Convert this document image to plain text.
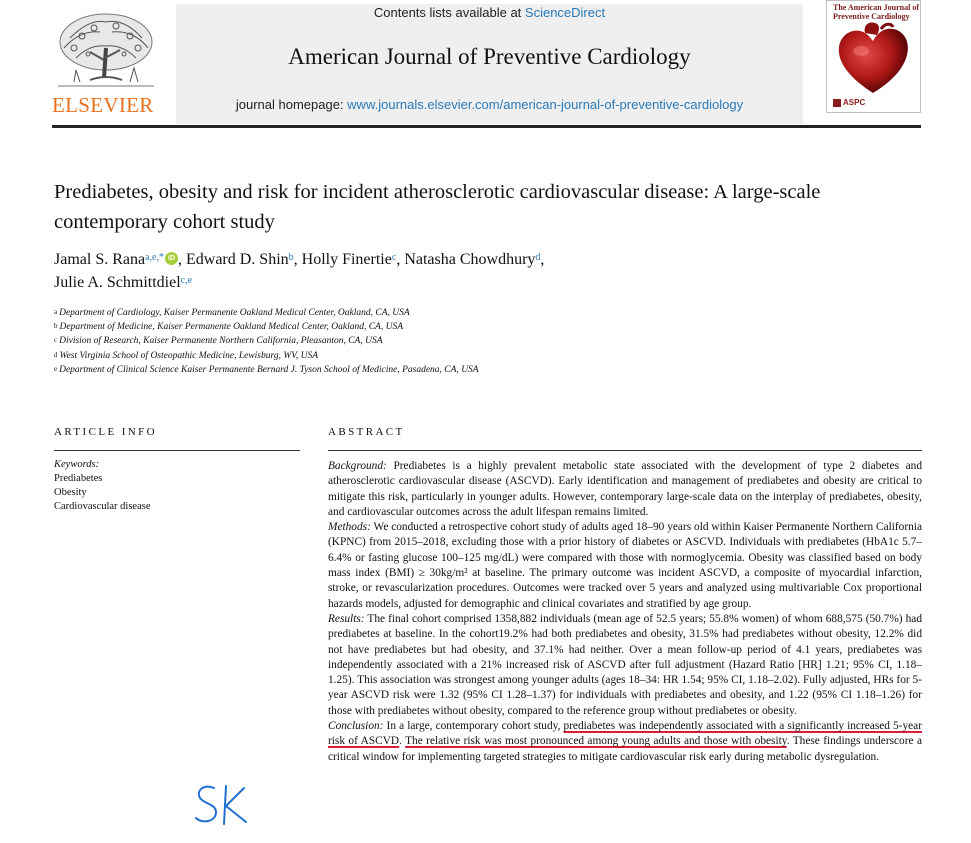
ELSEVIER
Contents lists available at ScienceDirect
American Journal of Preventive Cardiology
journal homepage: www.journals.elsevier.com/american-journal-of-preventive-cardiology
The American Journal of Preventive Cardiology
ASPC
Prediabetes, obesity and risk for incident atherosclerotic cardiovascular disease: A large-scale contemporary cohort study
Jamal S. Rana$^{a,e,*}$ iD , Edward D. Shin$^b$, Holly Finertie$^c$, Natasha Chowdhury$^d$,
Julie A. Schmittdiel$^{c,e}$
$^a$ Department of Cardiology, Kaiser Permanente Oakland Medical Center, Oakland, CA, USA
$^b$ Department of Medicine, Kaiser Permanente Oakland Medical Center, Oakland, CA, USA
$^c$ Division of Research, Kaiser Permanente Northern California, Pleasanton, CA, USA
$^d$ West Virginia School of Osteopathic Medicine, Lewisburg, WV, USA
$^e$ Department of Clinical Science Kaiser Permanente Bernard J. Tyson School of Medicine, Pasadena, CA, USA
ARTICLE INFO
Keywords:
Prediabetes
Obesity
Cardiovascular disease
ABSTRACT

Background: Prediabetes is a highly prevalent metabolic state associated with the development of type 2 diabetes and atherosclerotic cardiovascular disease (ASCVD). Early identification and management of prediabetes and obesity are critical to mitigate this risk, particularly in younger adults. However, contemporary large-scale data on the interplay of prediabetes, obesity, and cardiovascular outcomes across the adult lifespan remains limited.

Methods: We conducted a retrospective cohort study of adults aged 18–90 years old within Kaiser Permanente Northern California (KPNC) from 2015–2018, excluding those with a prior history of diabetes or ASCVD. Individuals with prediabetes (HbA1c 5.7–6.4% or fasting glucose 100–125 mg/dL) were compared with those with normoglycemia. Obesity was classified based on body mass index (BMI) ≥ 30kg/m² at baseline. The primary outcome was incident ASCVD, a composite of myocardial infarction, stroke, or revascularization procedures. Outcomes were tracked over 5 years and analyzed using multivariable Cox proportional hazards models, adjusted for demographic and clinical covariates and stratified by age group.

Results: The final cohort comprised 1358,882 individuals (mean age of 52.5 years; 55.8% women) of whom 688,575 (50.7%) had prediabetes at baseline. In the cohort19.2% had both prediabetes and obesity, 31.5% had prediabetes without obesity, 12.2% did not have prediabetes but had obesity, and 37.1% had neither. Over a mean follow-up period of 4.1 years, prediabetes was independently associated with a 21% increased risk of ASCVD after full adjustment (Hazard Ratio [HR] 1.21; 95% CI, 1.18–1.25). This association was strongest among younger adults (ages 18–34: HR 1.54; 95% CI, 1.18–2.02). Fully adjusted, HRs for 5-year ASCVD risk were 1.32 (95% CI 1.28–1.37) for individuals with prediabetes and obesity, and 1.22 (95% CI 1.18–1.26) for those with prediabetes without obesity, compared to the reference group without prediabetes or obesity.

Conclusion: In a large, contemporary cohort study, prediabetes was independently associated with a significantly increased 5-year risk of ASCVD. The relative risk was most pronounced among young adults and those with obesity. These findings underscore a critical window for implementing targeted strategies to mitigate cardiovascular risk early during metabolic dysregulation.
